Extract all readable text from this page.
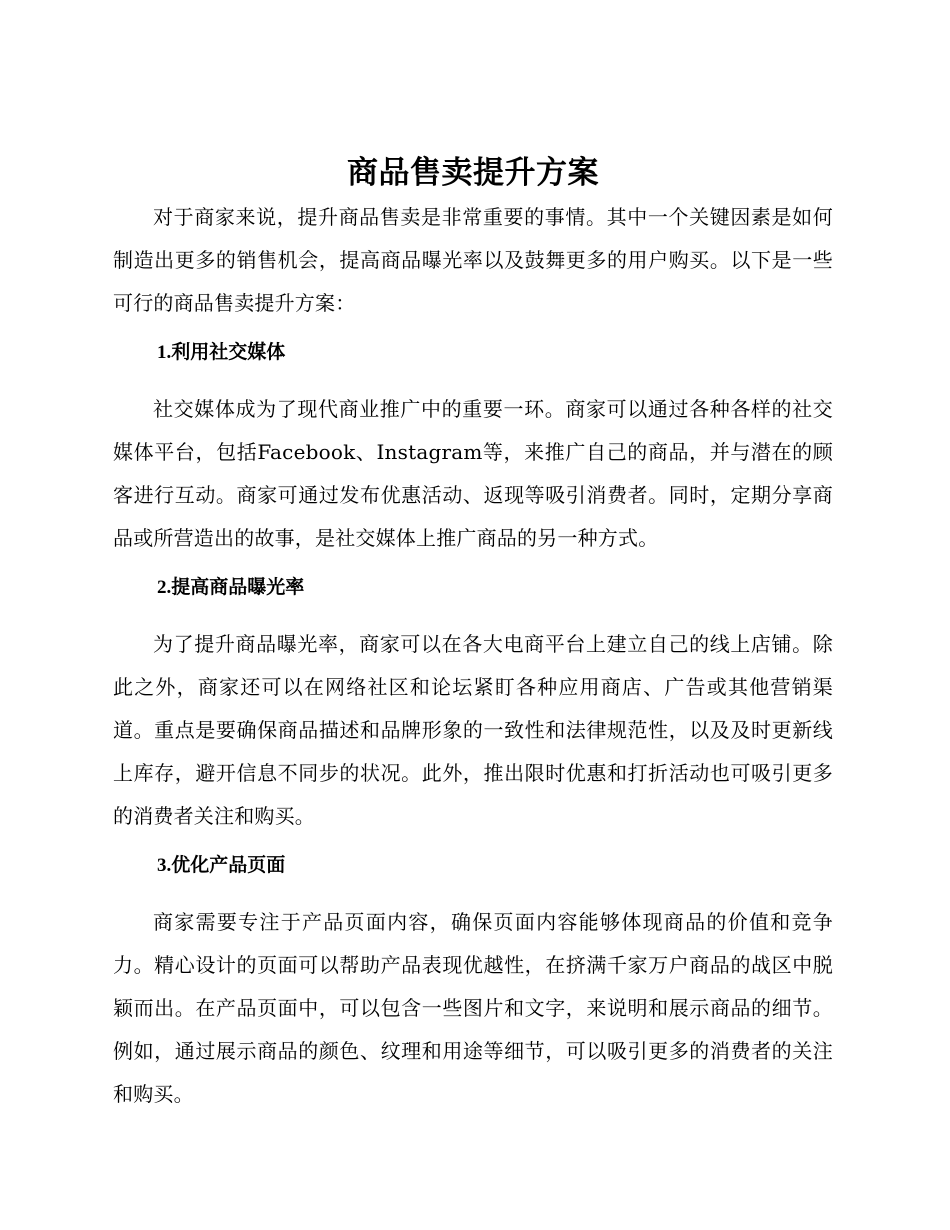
商品售卖提升方案

对于商家来说，提升商品售卖是非常重要的事情。其中一个关键因素是如何制造出更多的销售机会，提高商品曝光率以及鼓舞更多的用户购买。以下是一些可行的商品售卖提升方案：

1.利用社交媒体

社交媒体成为了现代商业推广中的重要一环。商家可以通过各种各样的社交媒体平台，包括Facebook、Instagram等，来推广自己的商品，并与潜在的顾客进行互动。商家可通过发布优惠活动、返现等吸引消费者。同时，定期分享商品或所营造出的故事，是社交媒体上推广商品的另一种方式。

2.提高商品曝光率

为了提升商品曝光率，商家可以在各大电商平台上建立自己的线上店铺。除此之外，商家还可以在网络社区和论坛紧盯各种应用商店、广告或其他营销渠道。重点是要确保商品描述和品牌形象的一致性和法律规范性，以及及时更新线上库存，避开信息不同步的状况。此外，推出限时优惠和打折活动也可吸引更多的消费者关注和购买。

3.优化产品页面

商家需要专注于产品页面内容，确保页面内容能够体现商品的价值和竞争力。精心设计的页面可以帮助产品表现优越性，在挤满千家万户商品的战区中脱颖而出。在产品页面中，可以包含一些图片和文字，来说明和展示商品的细节。例如，通过展示商品的颜色、纹理和用途等细节，可以吸引更多的消费者的关注和购买。
